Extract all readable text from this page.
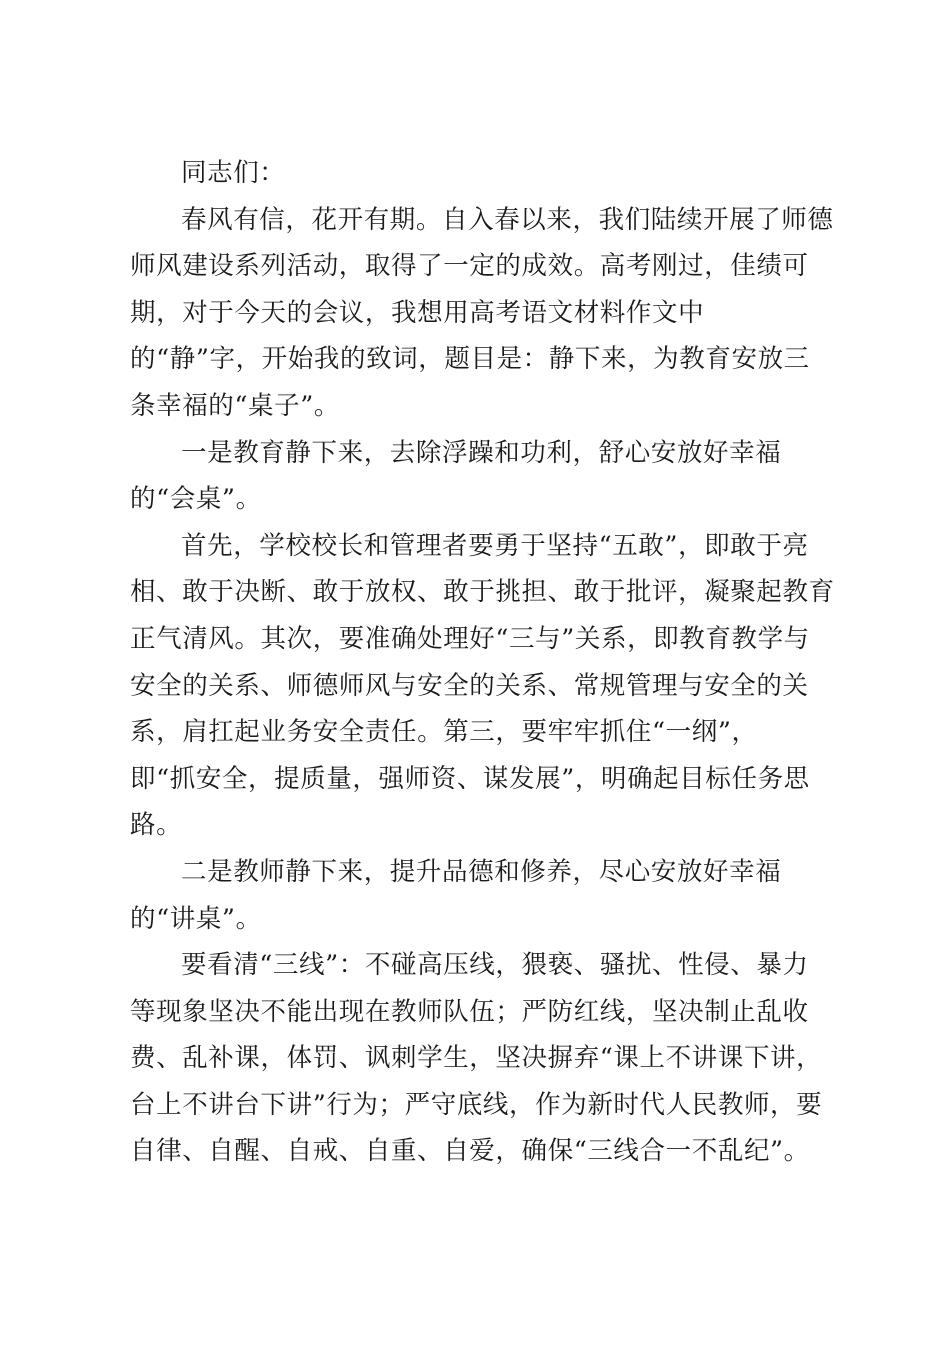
同志们：
春风有信，花开有期。自入春以来，我们陆续开展了师德
师风建设系列活动，取得了一定的成效。高考刚过，佳绩可
期，对于今天的会议，我想用高考语文材料作文中
的“静”字，开始我的致词，题目是：静下来，为教育安放三
条幸福的“桌子”。
一是教育静下来，去除浮躁和功利，舒心安放好幸福
的“会桌”。
首先，学校校长和管理者要勇于坚持“五敢”，即敢于亮
相、敢于决断、敢于放权、敢于挑担、敢于批评，凝聚起教育
正气清风。其次，要准确处理好“三与”关系，即教育教学与
安全的关系、师德师风与安全的关系、常规管理与安全的关
系，肩扛起业务安全责任。第三，要牢牢抓住“一纲”，
即“抓安全，提质量，强师资、谋发展”，明确起目标任务思
路。
二是教师静下来，提升品德和修养，尽心安放好幸福
的“讲桌”。
要看清“三线”：不碰高压线，猥亵、骚扰、性侵、暴力
等现象坚决不能出现在教师队伍；严防红线，坚决制止乱收
费、乱补课，体罚、讽刺学生，坚决摒弃“课上不讲课下讲，
台上不讲台下讲”行为；严守底线，作为新时代人民教师，要
自律、自醒、自戒、自重、自爱，确保“三线合一不乱纪”。
